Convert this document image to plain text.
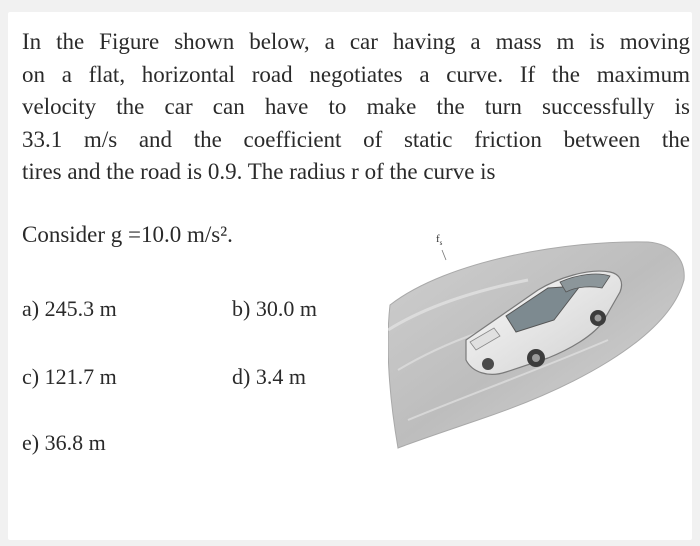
In the Figure shown below, a car having a mass m is moving
on a flat, horizontal road negotiates a curve. If the maximum
velocity the car can have to make the turn successfully is
33.1 m/s and the coefficient of static friction between the
tires and the road is 0.9. The radius r of the curve is
Consider g =10.0 m/s².
a) 245.3 m	b) 30.0 m
c) 121.7 m	d) 3.4 m
e) 36.8 m
$f_s$
